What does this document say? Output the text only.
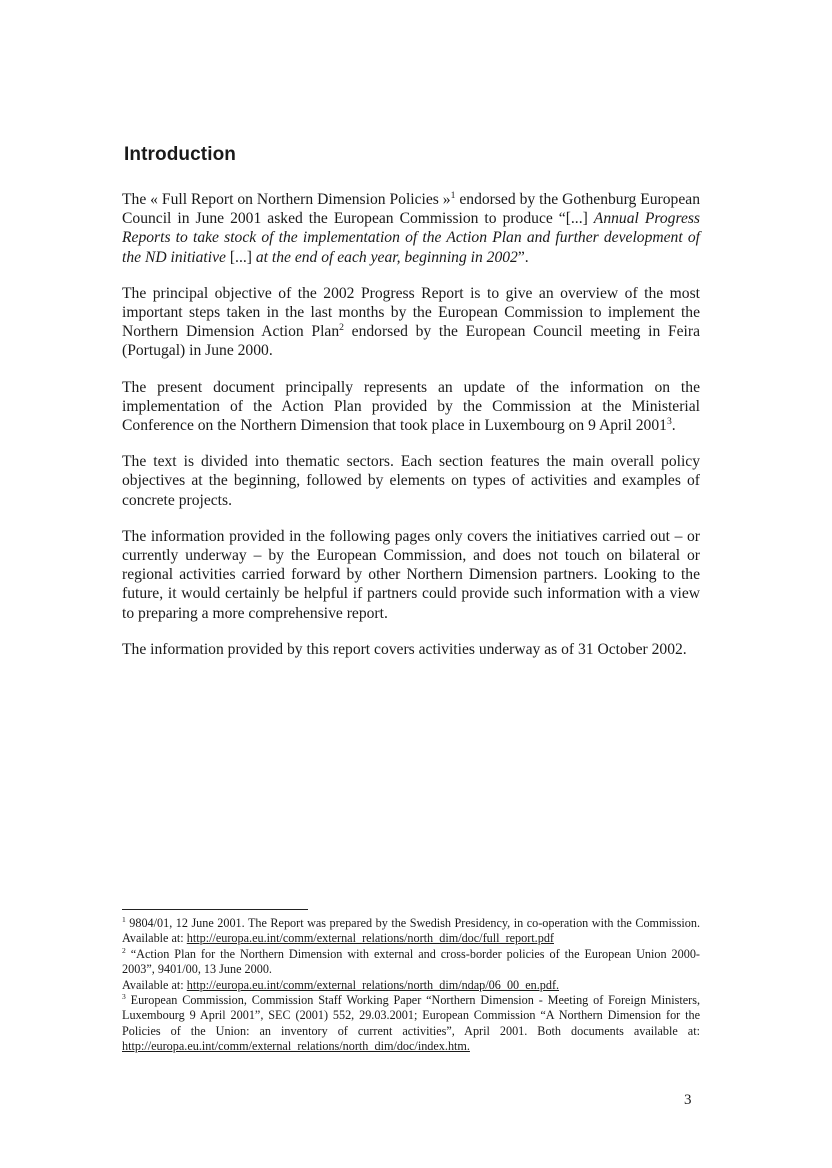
Introduction

The « Full Report on Northern Dimension Policies »$^1$ endorsed by the Gothenburg European Council in June 2001 asked the European Commission to produce “[...] Annual Progress Reports to take stock of the implementation of the Action Plan and further development of the ND initiative [...] at the end of each year, beginning in 2002”.

The principal objective of the 2002 Progress Report is to give an overview of the most important steps taken in the last months by the European Commission to implement the Northern Dimension Action Plan$^2$ endorsed by the European Council meeting in Feira (Portugal) in June 2000.

The present document principally represents an update of the information on the implementation of the Action Plan provided by the Commission at the Ministerial Conference on the Northern Dimension that took place in Luxembourg on 9 April 2001$^3$.

The text is divided into thematic sectors. Each section features the main overall policy objectives at the beginning, followed by elements on types of activities and examples of concrete projects.

The information provided in the following pages only covers the initiatives carried out – or currently underway – by the European Commission, and does not touch on bilateral or regional activities carried forward by other Northern Dimension partners. Looking to the future, it would certainly be helpful if partners could provide such information with a view to preparing a more comprehensive report.

The information provided by this report covers activities underway as of 31 October 2002.

$^1$ 9804/01, 12 June 2001. The Report was prepared by the Swedish Presidency, in co-operation with the Commission. Available at: http://europa.eu.int/comm/external_relations/north_dim/doc/full_report.pdf

$^2$ “Action Plan for the Northern Dimension with external and cross-border policies of the European Union 2000-2003”, 9401/00, 13 June 2000.
Available at: http://europa.eu.int/comm/external_relations/north_dim/ndap/06_00_en.pdf.

$^3$ European Commission, Commission Staff Working Paper “Northern Dimension - Meeting of Foreign Ministers, Luxembourg 9 April 2001”, SEC (2001) 552, 29.03.2001; European Commission “A Northern Dimension for the Policies of the Union: an inventory of current activities”, April 2001. Both documents available at: http://europa.eu.int/comm/external_relations/north_dim/doc/index.htm.

3
